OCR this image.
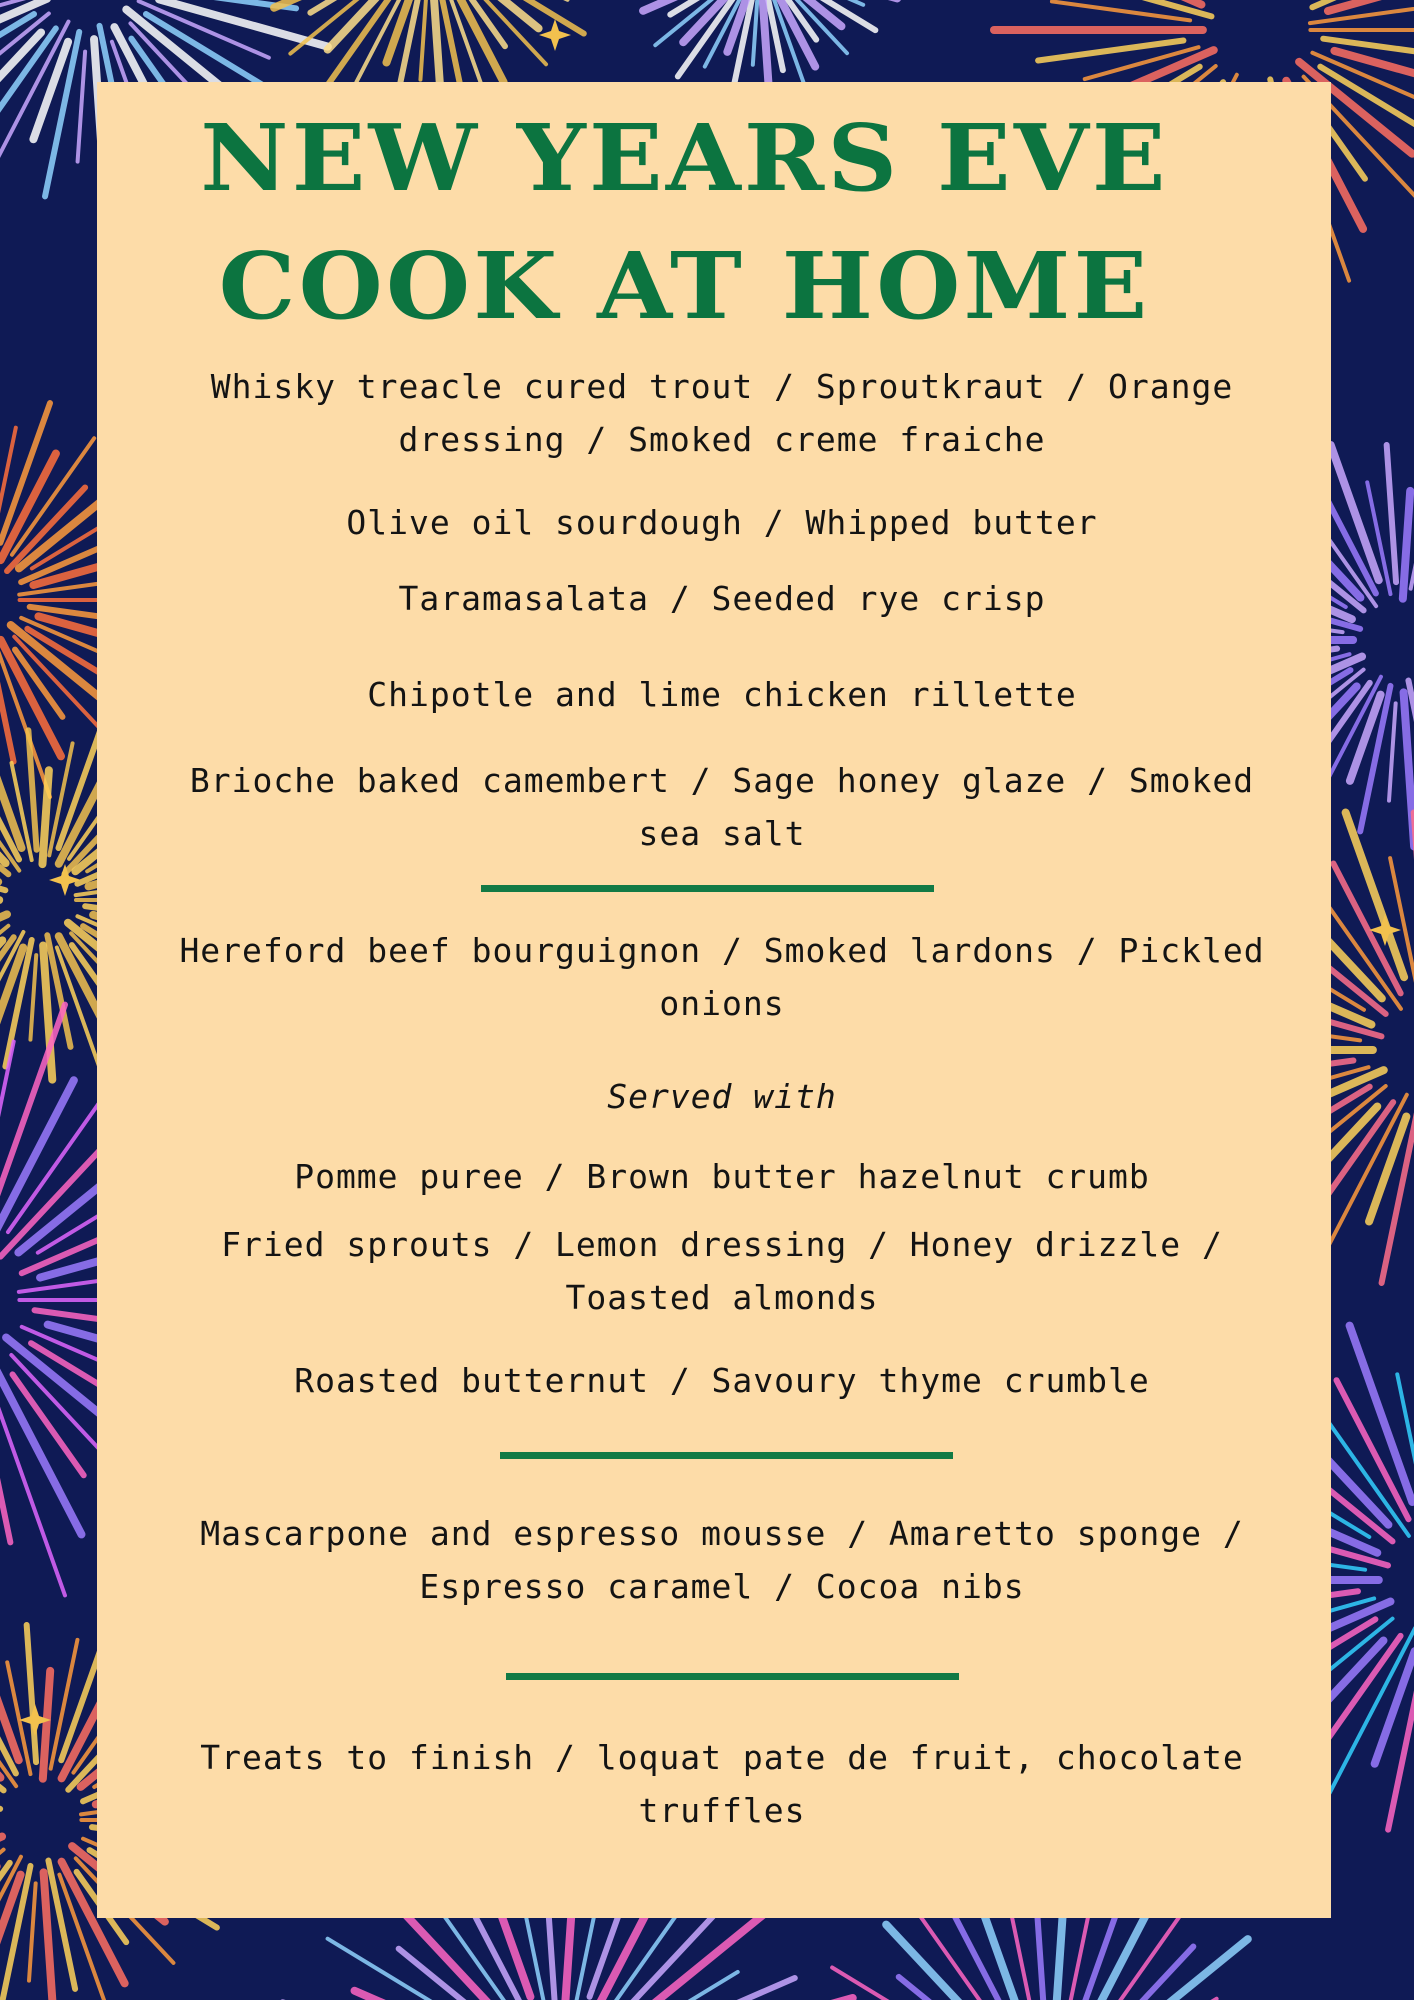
NEW YEARS EVE
COOK AT HOME
Whisky treacle cured trout / Sproutkraut / Orange dressing / Smoked creme fraiche
Olive oil sourdough / Whipped butter
Taramasalata / Seeded rye crisp
Chipotle and lime chicken rillette
Brioche baked camembert / Sage honey glaze / Smoked sea salt
Hereford beef bourguignon / Smoked lardons / Pickled onions
Served with
Pomme puree / Brown butter hazelnut crumb
Fried sprouts / Lemon dressing / Honey drizzle / Toasted almonds
Roasted butternut / Savoury thyme crumble
Mascarpone and espresso mousse / Amaretto sponge / Espresso caramel / Cocoa nibs
Treats to finish / loquat pate de fruit, chocolate truffles
